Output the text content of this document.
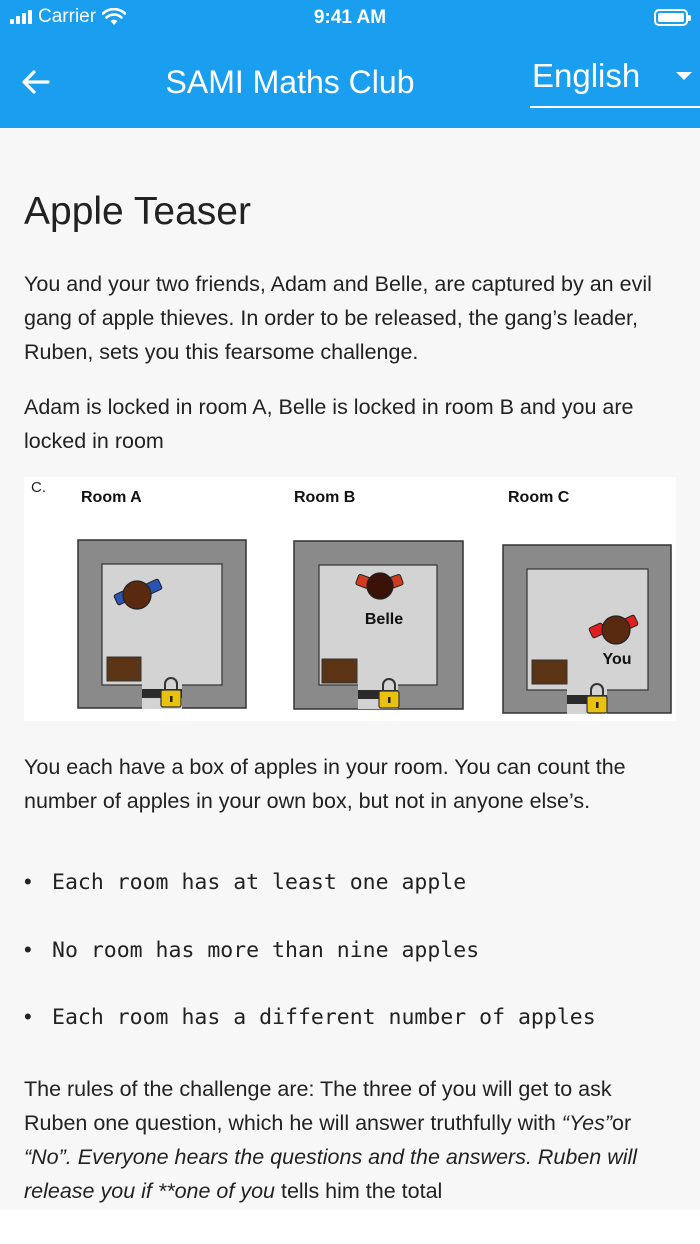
Carrier	9:41 AM
SAMI Maths Club	English
Apple Teaser

You and your two friends, Adam and Belle, are captured by an evil gang of apple thieves. In order to be released, the gang’s leader, Ruben, sets you this fearsome challenge.

Adam is locked in room A, Belle is locked in room B and you are locked in room

C.
Room A	Room B	Room C
Belle
You

You each have a box of apples in your room. You can count the number of apples in your own box, but not in anyone else’s.

• Each room has at least one apple
• No room has more than nine apples
• Each room has a different number of apples

The rules of the challenge are: The three of you will get to ask Ruben one question, which he will answer truthfully with “Yes”or “No”. Everyone hears the questions and the answers. Ruben will release you if **one of you tells him the total
